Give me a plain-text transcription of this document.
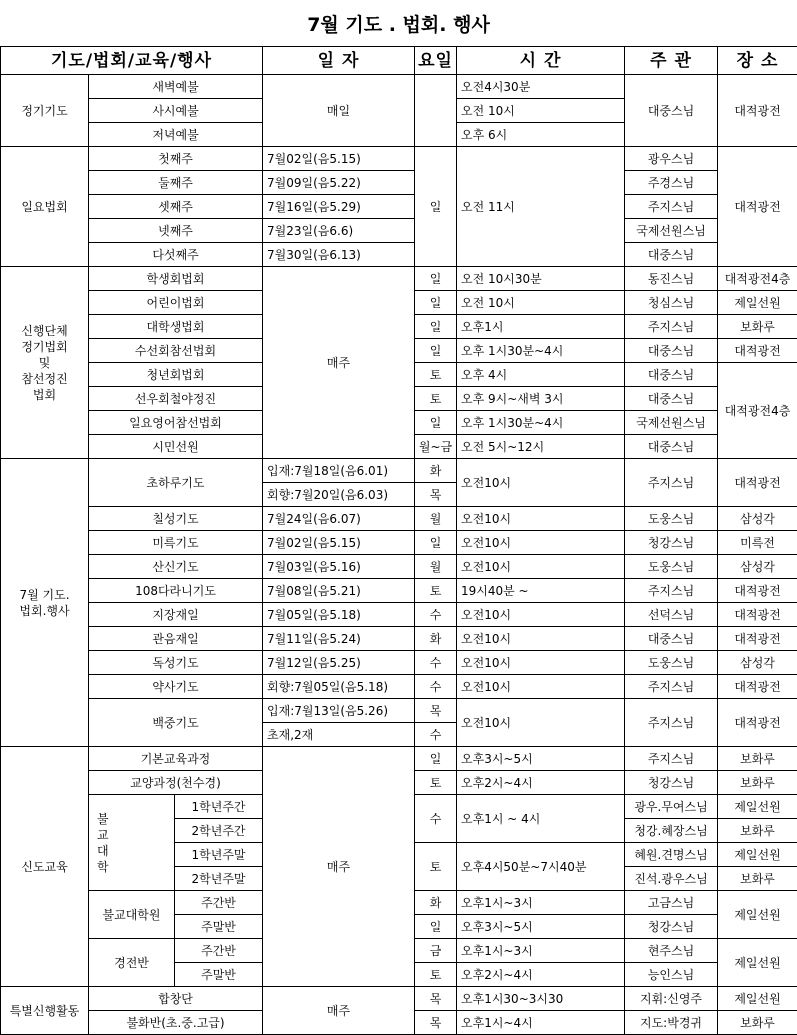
7월 기도 . 법회. 행사
기도/법회/교육/행사				일 자	요일	시 간	주 관	장 소
정기기도	새벽예불			매일		오전4시30분	대중스님	대적광전
	사시예불					오전 10시		
	저녁예불					오후 6시		
일요법회	첫째주			7월02일(음5.15)	일	오전 11시	광우스님	대적광전
	둘째주			7월09일(음5.22)			주경스님	
	셋째주			7월16일(음5.29)			주지스님	
	넷째주			7월23일(음6.6)			국제선원스님	
	다섯째주			7월30일(음6.13)			대중스님	
신행단체
정기법회
및
참선정진
법회	학생회법회			매주	일	오전 10시30분	동진스님	대적광전4층
	어린이법회				일	오전 10시	청심스님	제일선원
	대학생법회				일	오후1시	주지스님	보화루
	수선회참선법회				일	오후 1시30분~4시	대중스님	대적광전
	청년회법회				토	오후 4시	대중스님	대적광전4층
	선우회철야정진				토	오후 9시~새벽 3시	대중스님	
	일요영어참선법회				일	오후 1시30분~4시	국제선원스님	
	시민선원				월~금	오전 5시~12시	대중스님	
7월 기도.
법회.행사	초하루기도			입재:7월18일(음6.01)	화	오전10시	주지스님	대적광전
				회향:7월20일(음6.03)	목			
	칠성기도			7월24일(음6.07)	월	오전10시	도웅스님	삼성각
	미륵기도			7월02일(음5.15)	일	오전10시	청강스님	미륵전
	산신기도			7월03일(음5.16)	월	오전10시	도웅스님	삼성각
	108다라니기도			7월08일(음5.21)	토	19시40분 ~	주지스님	대적광전
	지장재일			7월05일(음5.18)	수	오전10시	선덕스님	대적광전
	관음재일			7월11일(음5.24)	화	오전10시	대중스님	대적광전
	독성기도			7월12일(음5.25)	수	오전10시	도웅스님	삼성각
	약사기도			회향:7월05일(음5.18)	수	오전10시	주지스님	대적광전
	백중기도			입재:7월13일(음5.26)	목	오전10시	주지스님	대적광전
				초재,2재	수			
신도교육	기본교육과정			매주	일	오후3시~5시	주지스님	보화루
	교양과정(천수경)				토	오후2시~4시	청강스님	보화루
	불
교
대
학		1학년주간		수	오후1시 ~ 4시	광우.무여스님	제일선원
			2학년주간				청강.혜장스님	보화루
			1학년주말		토	오후4시50분~7시40분	혜원.견명스님	제일선원
			2학년주말				진석.광우스님	보화루
	불교대학원		주간반		화	오후1시~3시	고금스님	제일선원
			주말반		일	오후3시~5시	청강스님	
	경전반		주간반		금	오후1시~3시	현주스님	제일선원
			주말반		토	오후2시~4시	능인스님	
특별신행활동	합창단			매주	목	오후1시30~3시30	지휘:신영주	제일선원
	불화반(초.중.고급)				목	오후1시~4시	지도:박경귀	보화루
